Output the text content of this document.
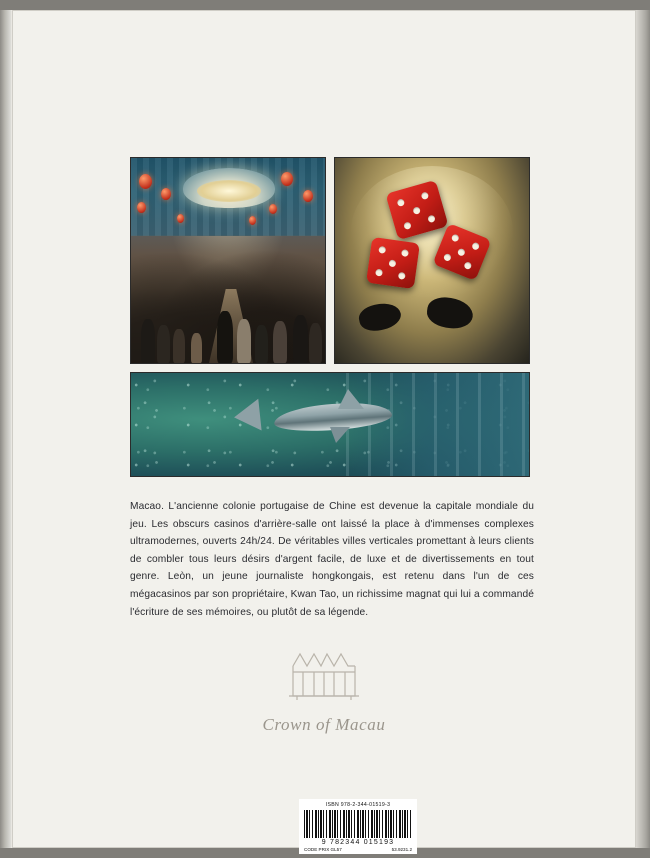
Macao. L'ancienne colonie portugaise de Chine est devenue la capitale mondiale du jeu. Les obscurs casinos d'arrière-salle ont laissé la place à d'immenses complexes ultramodernes, ouverts 24h/24. De véritables villes verticales promettant à leurs clients de combler tous leurs désirs d'argent facile, de luxe et de divertissements en tout genre. Leòn, un jeune journaliste hongkongais, est retenu dans l'un de ces mégacasinos par son propriétaire, Kwan Tao, un richissime magnat qui lui a commandé l'écriture de ses mémoires, ou plutôt de sa légende.
Crown of Macau
ISBN 978-2-344-01519-3
9 782344 015193
CODE PRIX GL57	53.9231.2
